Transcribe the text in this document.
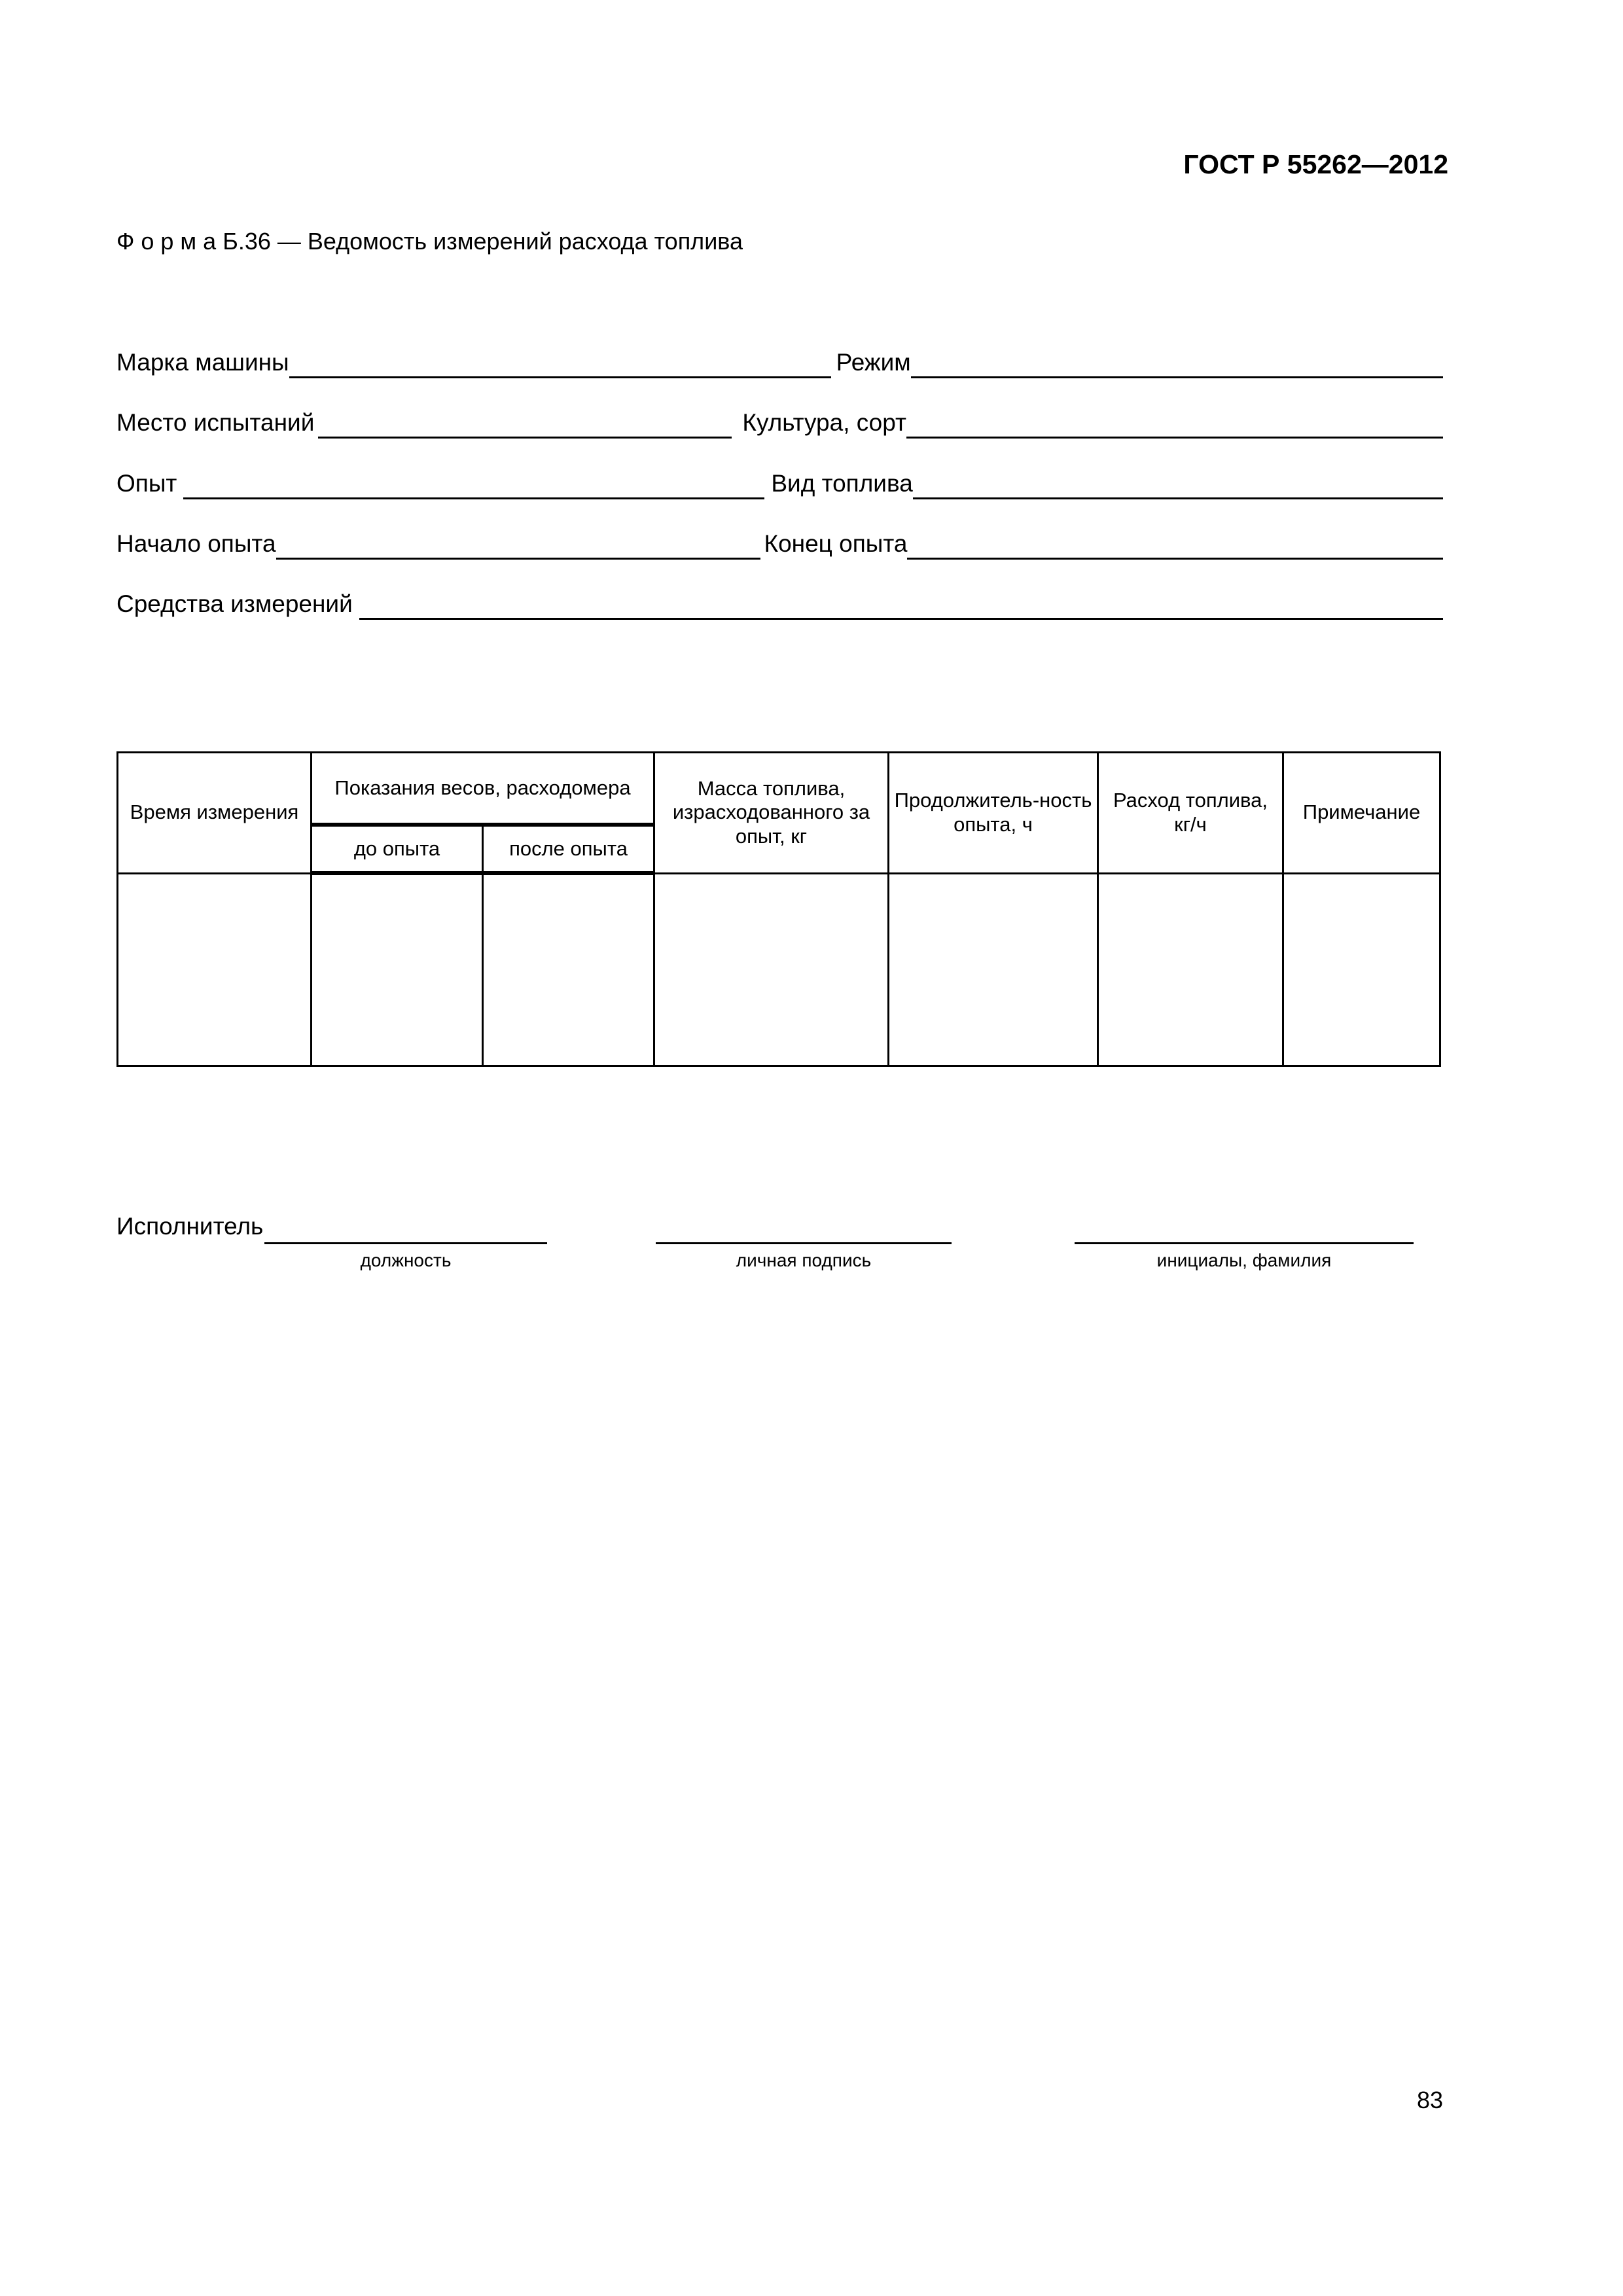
ГОСТ Р 55262—2012
Ф о р м а Б.36 — Ведомость измерений расхода топлива
Марка машины	Режим
Место испытаний	Культура, сорт
Опыт	Вид топлива
Начало опыта	Конец опыта
Средства измерений
Время измерения	Показания весов, расходомера		Масса топлива, израсходованного за опыт, кг	Продолжитель-ность опыта, ч	Расход топлива, кг/ч	Примечание
	до опыта	после опыта				

Исполнитель
должность	личная подпись	инициалы, фамилия
83
